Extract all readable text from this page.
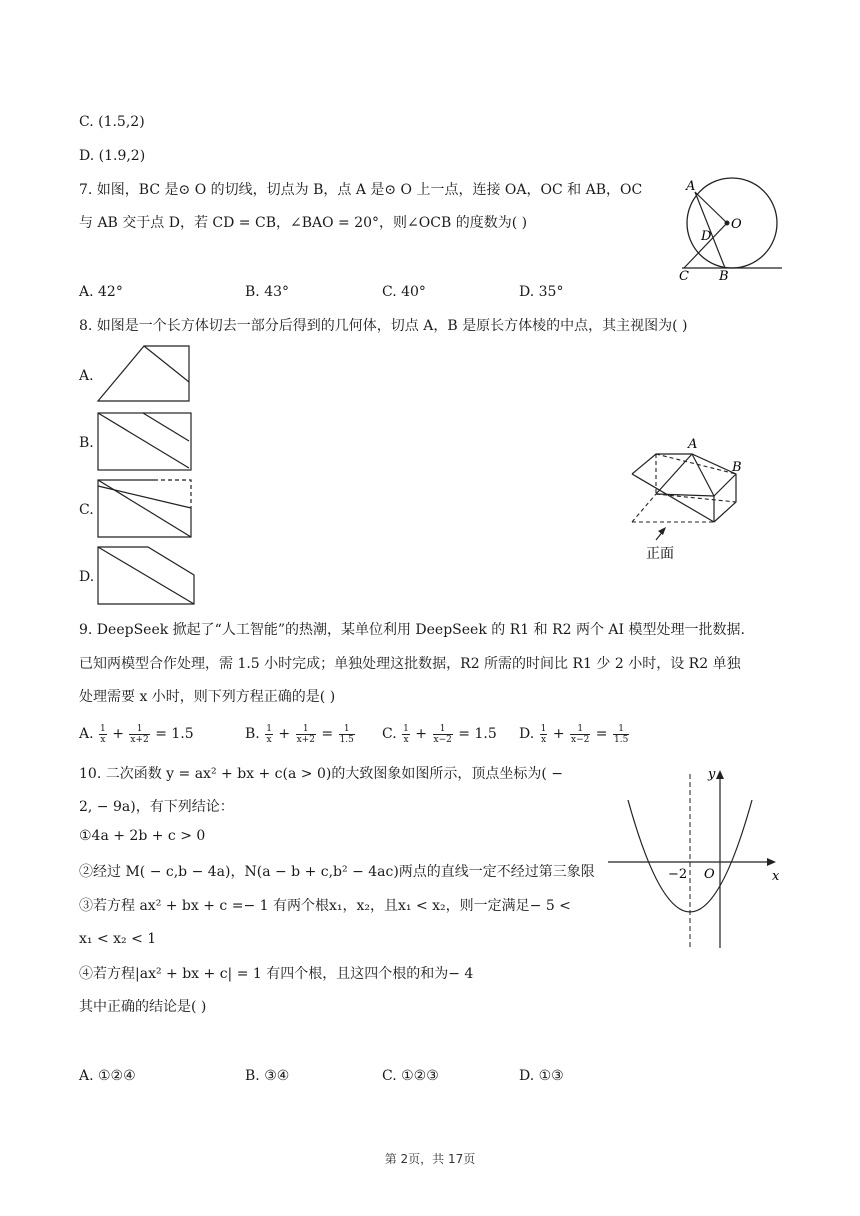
C. (1.5,2)
D. (1.9,2)
7. 如图，BC 是⊙ O 的切线，切点为 B，点 A 是⊙ O 上一点，连接 OA，OC 和 AB，OC
与 AB 交于点 D，若 CD = CB，∠BAO = 20°，则∠OCB 的度数为( )
A. 42°	B. 43°	C. 40°	D. 35°
A
O
D
C B
8. 如图是一个长方体切去一部分后得到的几何体，切点 A，B 是原长方体棱的中点，其主视图为( )
A.
B.
C.
D.
A
B
正面
9. DeepSeek 掀起了“人工智能”的热潮，某单位利用 DeepSeek 的 R1 和 R2 两个 AI 模型处理一批数据.
已知两模型合作处理，需 1.5 小时完成；单独处理这批数据，R2 所需的时间比 R1 少 2 小时，设 R2 单独
处理需要 x 小时，则下列方程正确的是( )
A. $\frac{1}{x} + \frac{1}{x+2} = 1.5$	B. $\frac{1}{x} + \frac{1}{x+2} = \frac{1}{1.5} C$. $\frac{1}{x} + \frac{1}{x-2} = 1.5$ D. $\frac{1}{x} + \frac{1}{x-2} = \frac{1}{1.5}$
10. 二次函数 y = ax² + bx + c(a > 0)的大致图象如图所示，顶点坐标为( −
2, − 9a)，有下列结论：
①4a + 2b + c > 0
②经过 M( − c,b − 4a)，N(a − b + c,b² − 4ac)两点的直线一定不经过第三象限
③若方程 ax² + bx + c =− 1 有两个根x₁，x₂，且x₁ < x₂，则一定满足− 5 <
x₁ < x₂ < 1
④若方程|ax² + bx + c| = 1 有四个根，且这四个根的和为− 4
其中正确的结论是( )
A. ①②④	B. ③④	C. ①②③	D. ①③
y
x
−2 O
第 2页，共 17页
